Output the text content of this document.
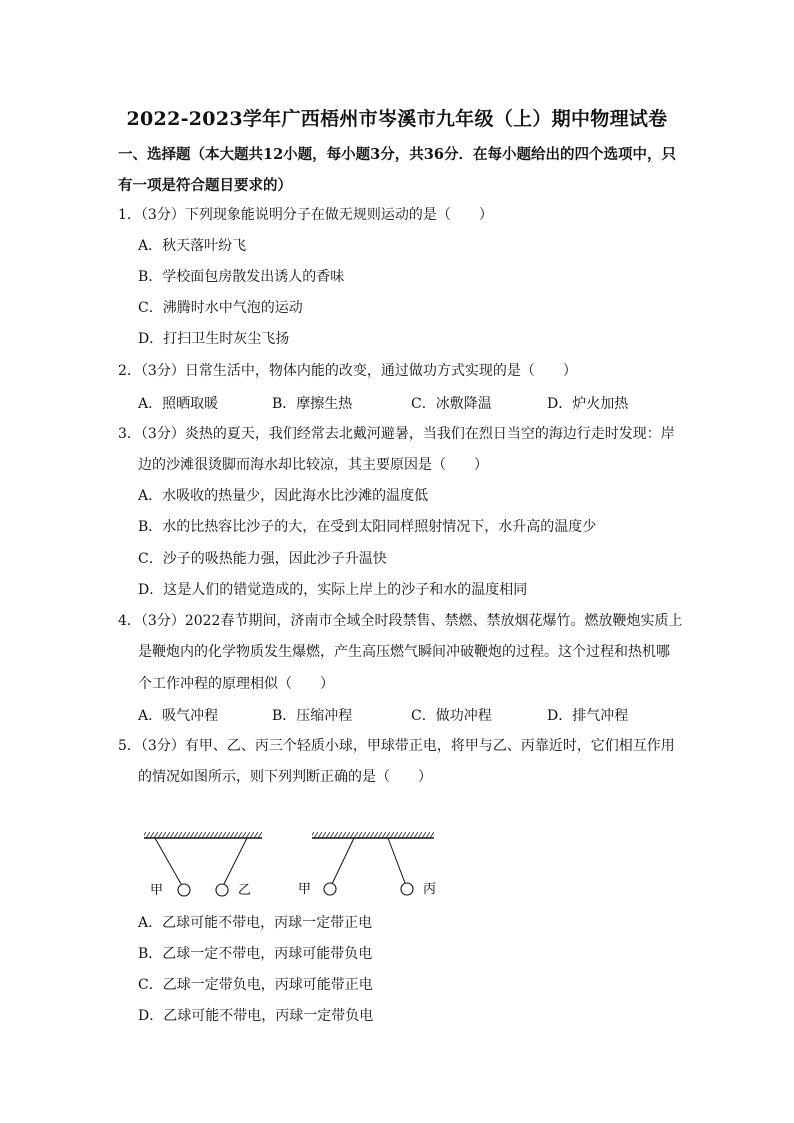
2022-2023学年广西梧州市岑溪市九年级（上）期中物理试卷
一、选择题（本大题共12小题，每小题3分，共36分．在每小题给出的四个选项中，只
有一项是符合题目要求的）
1．（3分）下列现象能说明分子在做无规则运动的是（　　）
A．秋天落叶纷飞
B．学校面包房散发出诱人的香味
C．沸腾时水中气泡的运动
D．打扫卫生时灰尘飞扬
2．（3分）日常生活中，物体内能的改变，通过做功方式实现的是（　　）
A．照晒取暖	B．摩擦生热	C．冰敷降温	D．炉火加热
3．（3分）炎热的夏天，我们经常去北戴河避暑，当我们在烈日当空的海边行走时发现：岸
边的沙滩很烫脚而海水却比较凉，其主要原因是（　　）
A．水吸收的热量少，因此海水比沙滩的温度低
B．水的比热容比沙子的大，在受到太阳同样照射情况下，水升高的温度少
C．沙子的吸热能力强，因此沙子升温快
D．这是人们的错觉造成的，实际上岸上的沙子和水的温度相同
4．（3分）2022春节期间，济南市全域全时段禁售、禁燃、禁放烟花爆竹。燃放鞭炮实质上
是鞭炮内的化学物质发生爆燃，产生高压燃气瞬间冲破鞭炮的过程。这个过程和热机哪
个工作冲程的原理相似（　　）
A．吸气冲程	B．压缩冲程	C．做功冲程	D．排气冲程
5．（3分）有甲、乙、丙三个轻质小球，甲球带正电，将甲与乙、丙靠近时，它们相互作用
的情况如图所示，则下列判断正确的是（　　）
甲	乙	甲	丙
A．乙球可能不带电，丙球一定带正电
B．乙球一定不带电，丙球可能带负电
C．乙球一定带负电，丙球可能带正电
D．乙球可能不带电，丙球一定带负电
